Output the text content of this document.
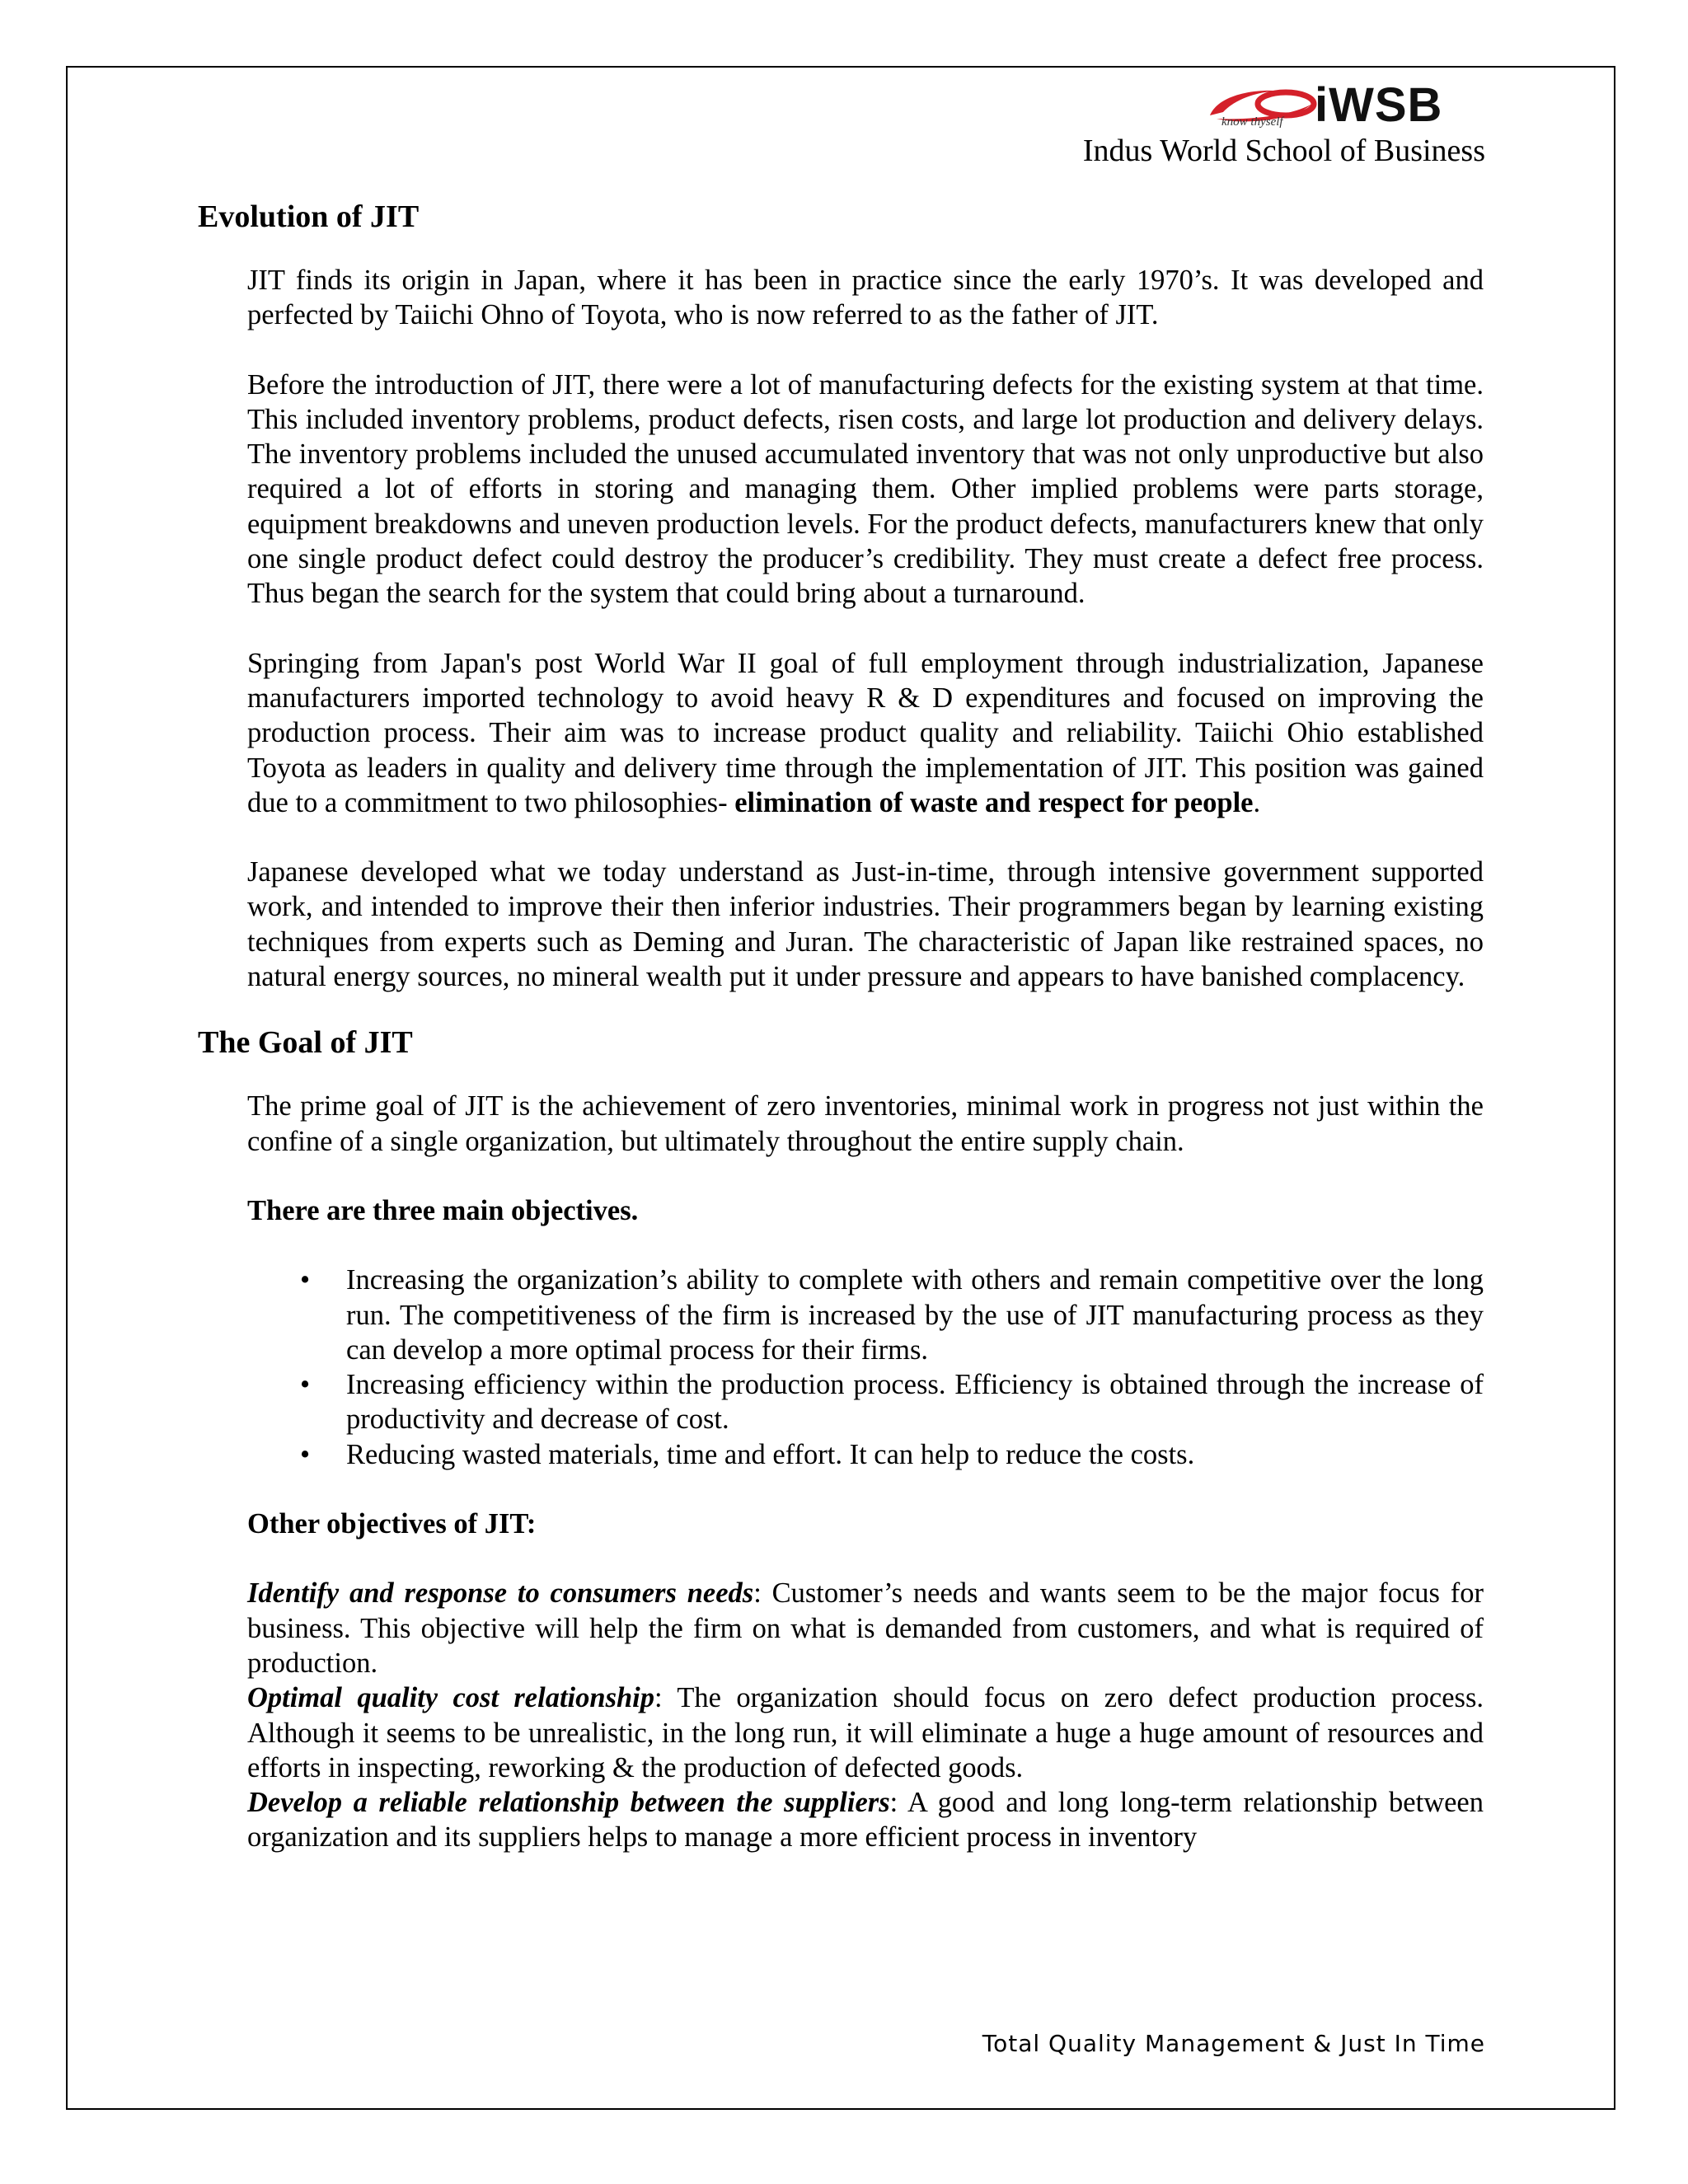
iWSB
know thyself
Indus World School of Business
Evolution of JIT

JIT finds its origin in Japan, where it has been in practice since the early 1970’s. It was developed and perfected by Taiichi Ohno of Toyota, who is now referred to as the father of JIT.

Before the introduction of JIT, there were a lot of manufacturing defects for the existing system at that time. This included inventory problems, product defects, risen costs, and large lot production and delivery delays. The inventory problems included the unused accumulated inventory that was not only unproductive but also required a lot of efforts in storing and managing them. Other implied problems were parts storage, equipment breakdowns and uneven production levels. For the product defects, manufacturers knew that only one single product defect could destroy the producer’s credibility. They must create a defect free process. Thus began the search for the system that could bring about a turnaround.

Springing from Japan's post World War II goal of full employment through industrialization, Japanese manufacturers imported technology to avoid heavy R & D expenditures and focused on improving the production process. Their aim was to increase product quality and reliability. Taiichi Ohio established Toyota as leaders in quality and delivery time through the implementation of JIT. This position was gained due to a commitment to two philosophies- elimination of waste and respect for people.

Japanese developed what we today understand as Just-in-time, through intensive government supported work, and intended to improve their then inferior industries. Their programmers began by learning existing techniques from experts such as Deming and Juran. The characteristic of Japan like restrained spaces, no natural energy sources, no mineral wealth put it under pressure and appears to have banished complacency.

The Goal of JIT

The prime goal of JIT is the achievement of zero inventories, minimal work in progress not just within the confine of a single organization, but ultimately throughout the entire supply chain.

There are three main objectives.

• Increasing the organization’s ability to complete with others and remain competitive over the long run. The competitiveness of the firm is increased by the use of JIT manufacturing process as they can develop a more optimal process for their firms.
• Increasing efficiency within the production process. Efficiency is obtained through the increase of productivity and decrease of cost.
• Reducing wasted materials, time and effort. It can help to reduce the costs.

Other objectives of JIT:

Identify and response to consumers needs: Customer’s needs and wants seem to be the major focus for business. This objective will help the firm on what is demanded from customers, and what is required of production.

Optimal quality cost relationship: The organization should focus on zero defect production process. Although it seems to be unrealistic, in the long run, it will eliminate a huge a huge amount of resources and efforts in inspecting, reworking & the production of defected goods.

Develop a reliable relationship between the suppliers: A good and long long-term relationship between organization and its suppliers helps to manage a more efficient process in inventory

Total Quality Management & Just In Time
